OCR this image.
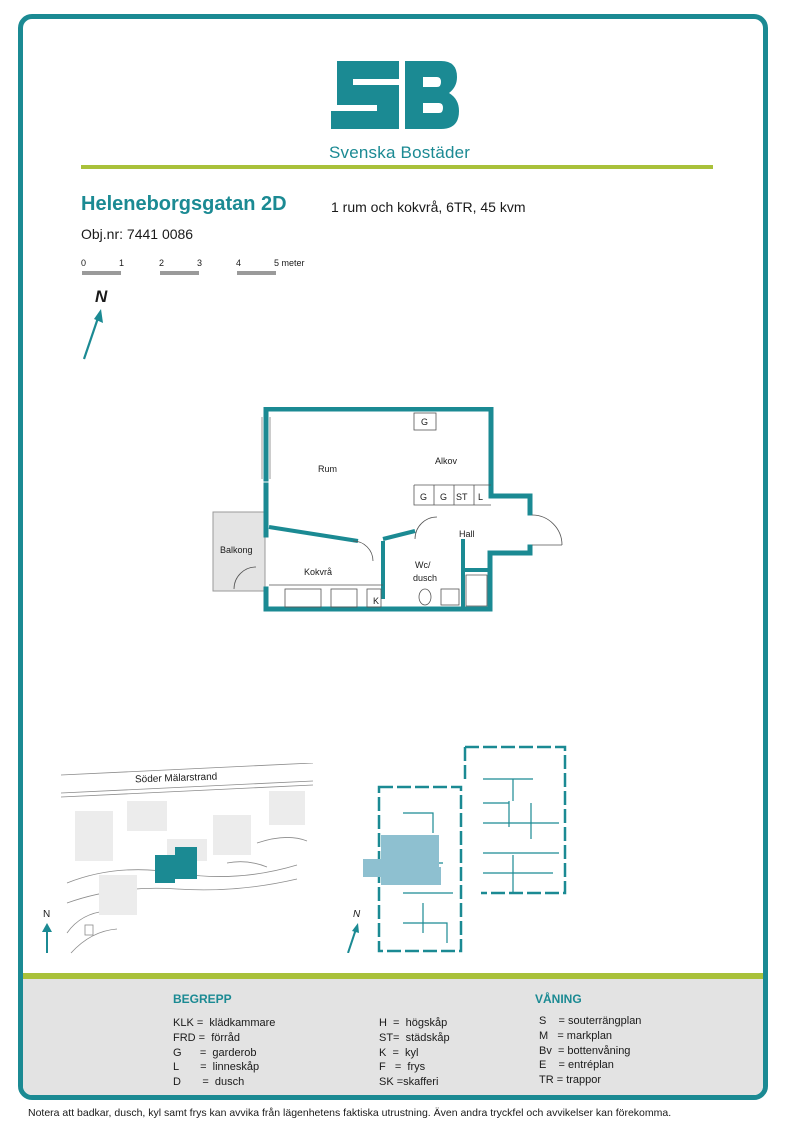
Svenska Bostäder
Heleneborgsgatan 2D	1 rum och kokvrå, 6TR, 45 kvm
Obj.nr: 7441 0086
0	1	2	3	4	5 meter
N
Rum
Alkov
Balkong
Kokvrå
Hall
Wc/
dusch
G
G G ST L
K
Söder Mälarstrand
N	N
BEGREPP
KLK =  klädkammare
FRD =  förråd
G      =  garderob
L       =  linneskåp
D       =  dusch
H  =  högskåp
ST=  städskåp
K  =  kyl
F   =  frys
SK =skafferi
VÅNING
S    = souterrängplan
M   = markplan
Bv  = bottenvåning
E    = entréplan
TR = trappor
Notera att badkar, dusch, kyl samt frys kan avvika från lägenhetens faktiska utrustning. Även andra tryckfel och avvikelser kan förekomma.
